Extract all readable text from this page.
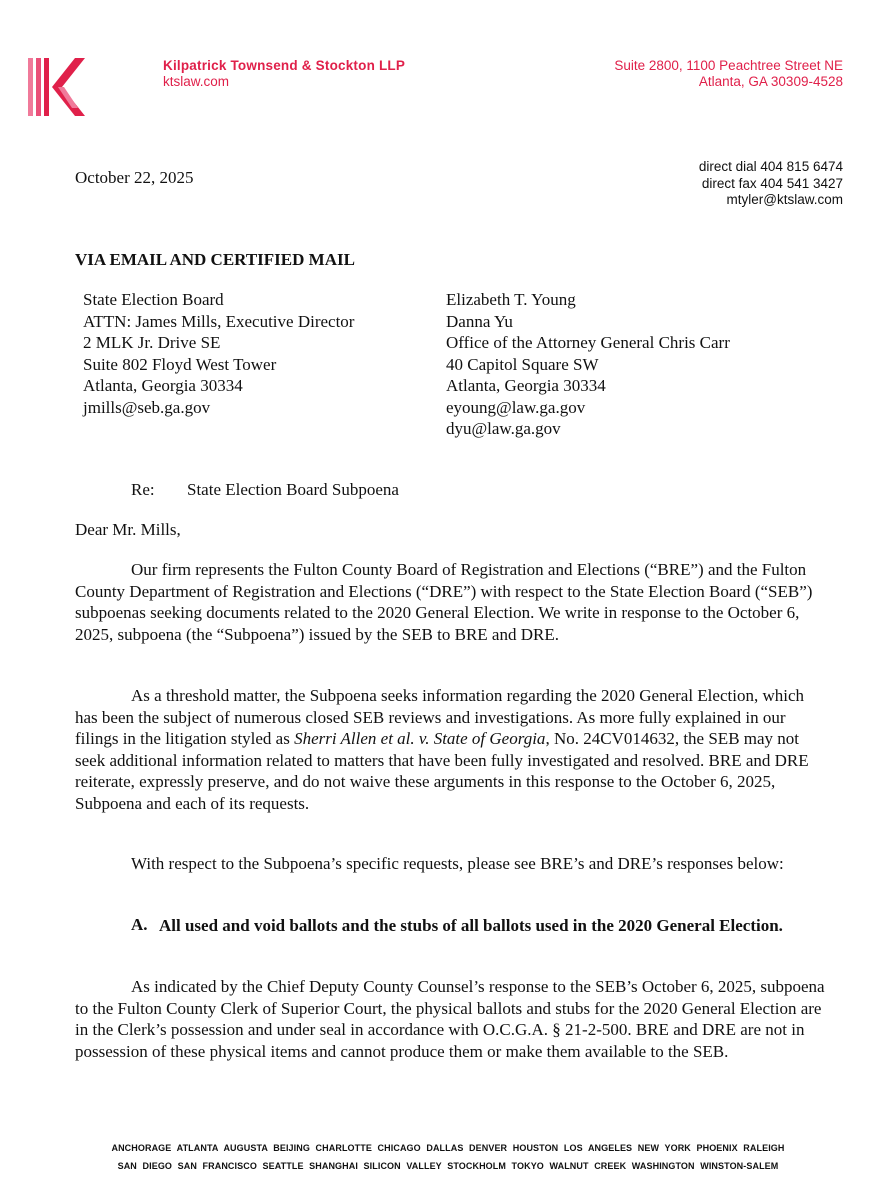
Kilpatrick Townsend & Stockton LLP
ktslaw.com
Suite 2800, 1100 Peachtree Street NE
Atlanta, GA 30309-4528
direct dial 404 815 6474
direct fax 404 541 3427
mtyler@ktslaw.com
October 22, 2025
VIA EMAIL AND CERTIFIED MAIL
State Election Board
ATTN: James Mills, Executive Director
2 MLK Jr. Drive SE
Suite 802 Floyd West Tower
Atlanta, Georgia 30334
jmills@seb.ga.gov
Elizabeth T. Young
Danna Yu
Office of the Attorney General Chris Carr
40 Capitol Square SW
Atlanta, Georgia 30334
eyoung@law.ga.gov
dyu@law.ga.gov
Re: State Election Board Subpoena
Dear Mr. Mills,

Our firm represents the Fulton County Board of Registration and Elections (“BRE”) and the Fulton County Department of Registration and Elections (“DRE”) with respect to the State Election Board (“SEB”) subpoenas seeking documents related to the 2020 General Election. We write in response to the October 6, 2025, subpoena (the “Subpoena”) issued by the SEB to BRE and DRE.

As a threshold matter, the Subpoena seeks information regarding the 2020 General Election, which has been the subject of numerous closed SEB reviews and investigations. As more fully explained in our filings in the litigation styled as Sherri Allen et al. v. State of Georgia, No. 24CV014632, the SEB may not seek additional information related to matters that have been fully investigated and resolved. BRE and DRE reiterate, expressly preserve, and do not waive these arguments in this response to the October 6, 2025, Subpoena and each of its requests.

With respect to the Subpoena’s specific requests, please see BRE’s and DRE’s responses below:

A. All used and void ballots and the stubs of all ballots used in the 2020 General Election.

As indicated by the Chief Deputy County Counsel’s response to the SEB’s October 6, 2025, subpoena to the Fulton County Clerk of Superior Court, the physical ballots and stubs for the 2020 General Election are in the Clerk’s possession and under seal in accordance with O.C.G.A. § 21-2-500. BRE and DRE are not in possession of these physical items and cannot produce them or make them available to the SEB.

ANCHORAGE ATLANTA AUGUSTA BEIJING CHARLOTTE CHICAGO DALLAS DENVER HOUSTON LOS ANGELES NEW YORK PHOENIX RALEIGH
SAN DIEGO SAN FRANCISCO SEATTLE SHANGHAI SILICON VALLEY STOCKHOLM TOKYO WALNUT CREEK WASHINGTON WINSTON-SALEM
